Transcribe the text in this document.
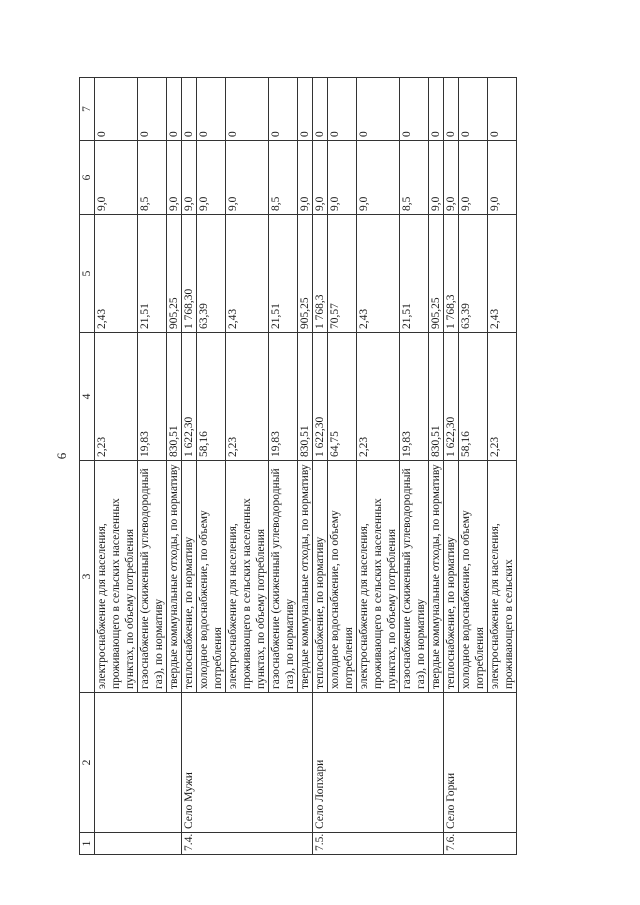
6
1	2	3	4	5	6	7
		электроснабжение для населения, проживающего в сельских населенных пунктах, по объему потребления	2,23	2,43	9,0	0
		газоснабжение (сжиженный углеводородный газ), по нормативу	19,83	21,51	8,5	0
		твердые коммунальные отходы, по нормативу	830,51	905,25	9,0	0
7.4.	Село Мужи	теплоснабжение, по нормативу	1 622,30	1 768,30	9,0	0
		холодное водоснабжение, по объему потребления	58,16	63,39	9,0	0
		электроснабжение для населения, проживающего в сельских населенных пунктах, по объему потребления	2,23	2,43	9,0	0
		газоснабжение (сжиженный углеводородный газ), по нормативу	19,83	21,51	8,5	0
		твердые коммунальные отходы, по нормативу	830,51	905,25	9,0	0
7.5.	Село Лопхари	теплоснабжение, по нормативу	1 622,30	1 768,3	9,0	0
		холодное водоснабжение, по объему потребления	64,75	70,57	9,0	0
		электроснабжение для населения, проживающего в сельских населенных пунктах, по объему потребления	2,23	2,43	9,0	0
		газоснабжение (сжиженный углеводородный газ), по нормативу	19,83	21,51	8,5	0
		твердые коммунальные отходы, по нормативу	830,51	905,25	9,0	0
7.6.	Село Горки	теплоснабжение, по нормативу	1 622,30	1 768,3	9,0	0
		холодное водоснабжение, по объему потребления	58,16	63,39	9,0	0
		электроснабжение для населения, проживающего в сельских	2,23	2,43	9,0	0
